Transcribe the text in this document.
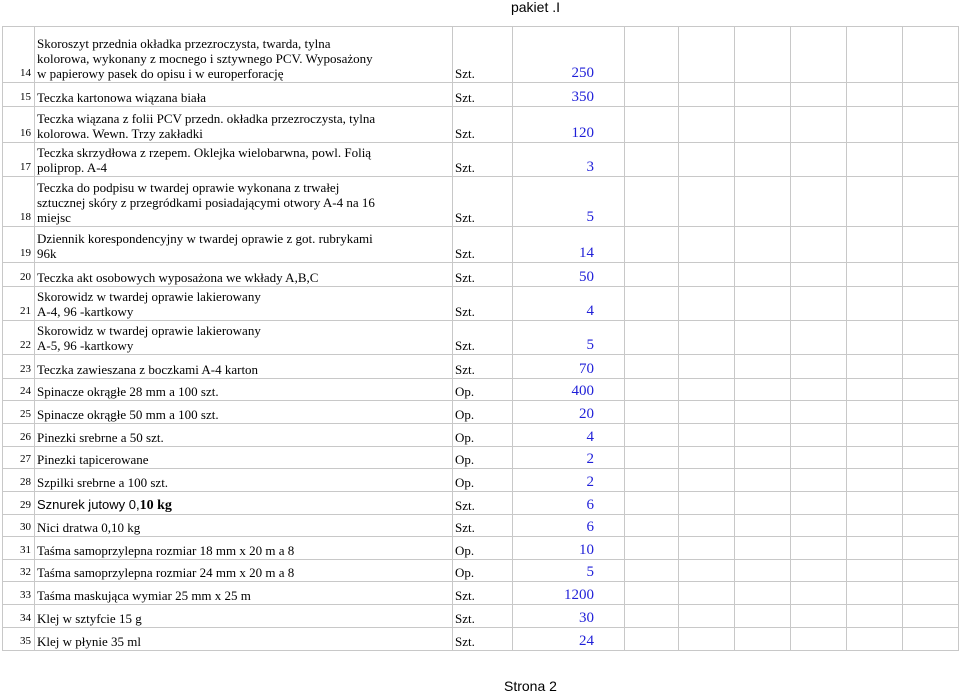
pakiet .I
14	Skoroszyt przednia okładka przezroczysta, twarda, tylna
kolorowa, wykonany z mocnego i sztywnego PCV. Wyposażony
w papierowy pasek do opisu i w europerforację	Szt.	250						
15	Teczka kartonowa wiązana biała	Szt.	350						
16	Teczka wiązana z folii PCV przedn. okładka przezroczysta, tylna
kolorowa. Wewn. Trzy zakładki	Szt.	120						
17	Teczka skrzydłowa z rzepem. Oklejka wielobarwna, powl. Folią
poliprop. A-4	Szt.	3						
18	Teczka do podpisu w twardej oprawie wykonana z trwałej
sztucznej skóry z przegródkami posiadającymi otwory A-4 na 16
miejsc	Szt.	5						
19	Dziennik korespondencyjny w twardej oprawie z got. rubrykami
96k	Szt.	14						
20	Teczka akt osobowych wyposażona we wkłady A,B,C	Szt.	50						
21	Skorowidz w twardej oprawie lakierowany
A-4, 96 -kartkowy	Szt.	4						
22	Skorowidz w twardej oprawie lakierowany
A-5, 96 -kartkowy	Szt.	5						
23	Teczka zawieszana z boczkami A-4 karton	Szt.	70						
24	Spinacze okrągłe 28 mm a 100 szt.	Op.	400						
25	Spinacze okrągłe 50 mm a 100 szt.	Op.	20						
26	Pinezki srebrne a 50 szt.	Op.	4						
27	Pinezki tapicerowane	Op.	2						
28	Szpilki srebrne a 100 szt.	Op.	2						
29	Sznurek jutowy 0,10 kg	Szt.	6						
30	Nici dratwa 0,10 kg	Szt.	6						
31	Taśma samoprzylepna rozmiar 18 mm x 20 m a 8	Op.	10						
32	Taśma samoprzylepna rozmiar 24 mm x 20 m a 8	Op.	5						
33	Taśma maskująca wymiar 25 mm x 25 m	Szt.	1200						
34	Klej w sztyfcie 15 g	Szt.	30						
35	Klej w płynie 35 ml	Szt.	24						
Strona 2
